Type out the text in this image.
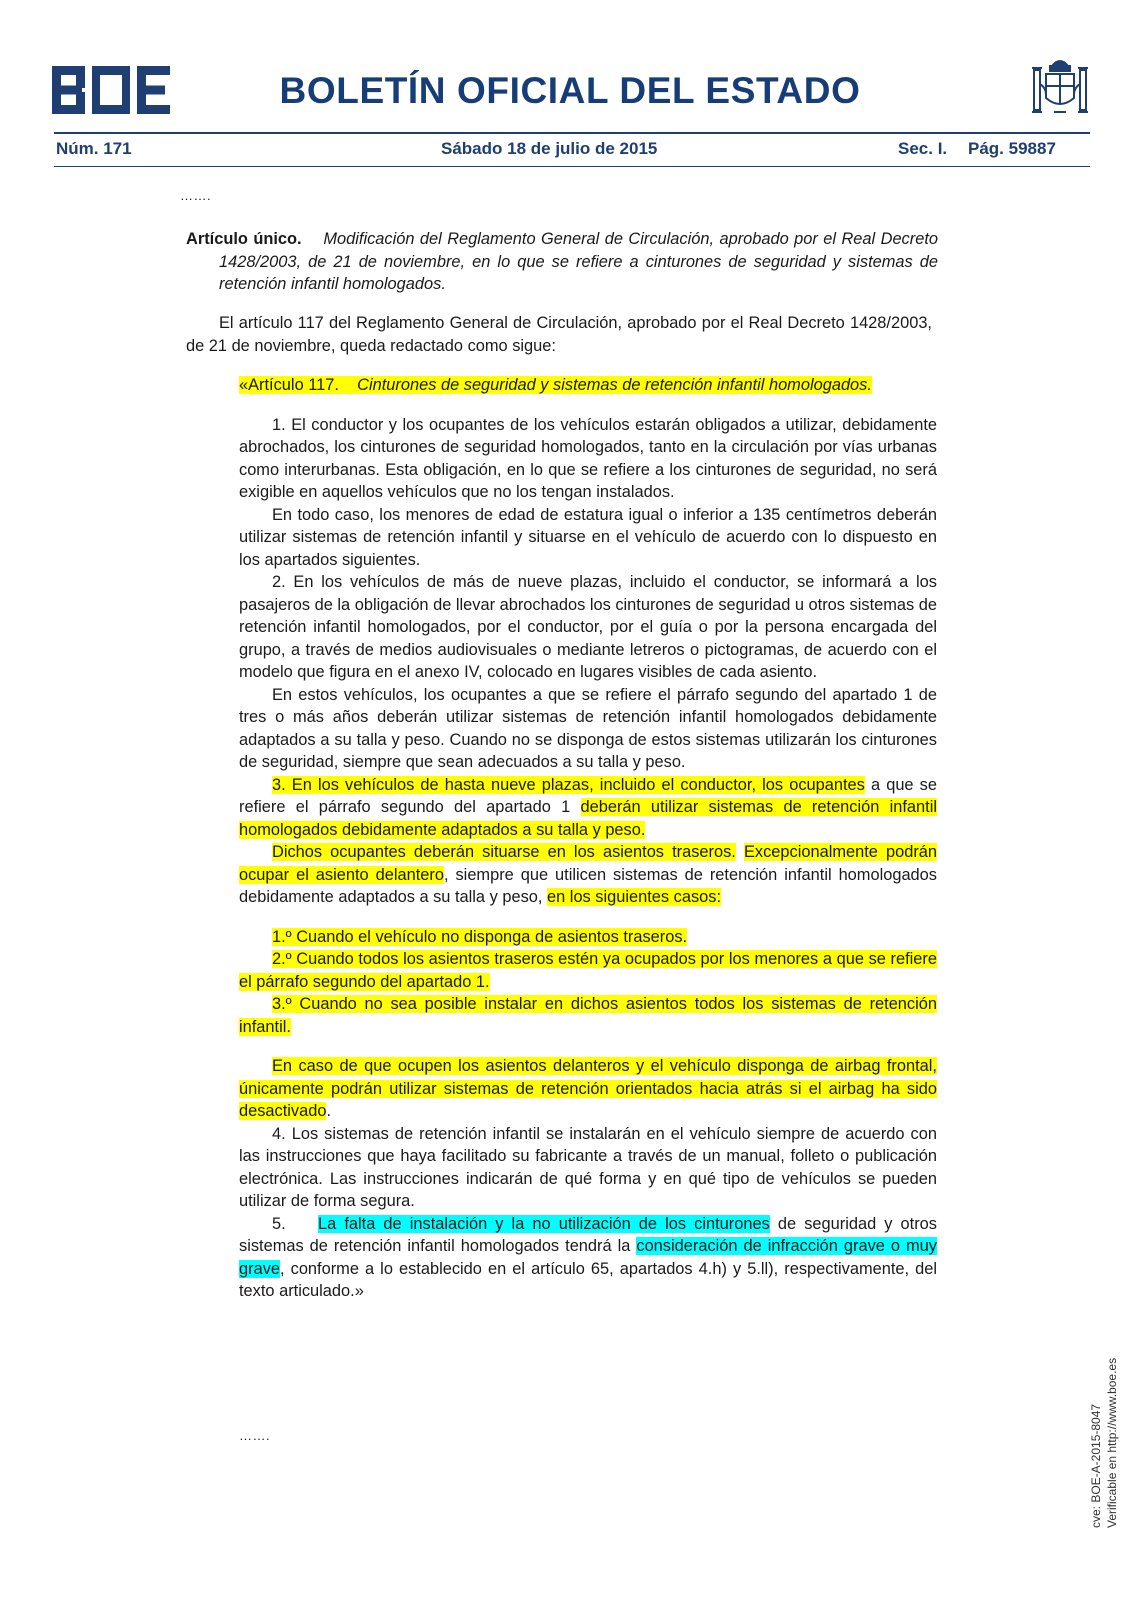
BOLETÍN OFICIAL DEL ESTADO
Núm. 171	Sábado 18 de julio de 2015	Sec. I. Pág. 59887
…….

Artículo único. Modificación del Reglamento General de Circulación, aprobado por el Real Decreto 1428/2003, de 21 de noviembre, en lo que se refiere a cinturones de seguridad y sistemas de retención infantil homologados.

El artículo 117 del Reglamento General de Circulación, aprobado por el Real Decreto 1428/2003, de 21 de noviembre, queda redactado como sigue:

«Artículo 117. Cinturones de seguridad y sistemas de retención infantil homologados.

1. El conductor y los ocupantes de los vehículos estarán obligados a utilizar, debidamente abrochados, los cinturones de seguridad homologados, tanto en la circulación por vías urbanas como interurbanas. Esta obligación, en lo que se refiere a los cinturones de seguridad, no será exigible en aquellos vehículos que no los tengan instalados.

En todo caso, los menores de edad de estatura igual o inferior a 135 centímetros deberán utilizar sistemas de retención infantil y situarse en el vehículo de acuerdo con lo dispuesto en los apartados siguientes.

2. En los vehículos de más de nueve plazas, incluido el conductor, se informará a los pasajeros de la obligación de llevar abrochados los cinturones de seguridad u otros sistemas de retención infantil homologados, por el conductor, por el guía o por la persona encargada del grupo, a través de medios audiovisuales o mediante letreros o pictogramas, de acuerdo con el modelo que figura en el anexo IV, colocado en lugares visibles de cada asiento.

En estos vehículos, los ocupantes a que se refiere el párrafo segundo del apartado 1 de tres o más años deberán utilizar sistemas de retención infantil homologados debidamente adaptados a su talla y peso. Cuando no se disponga de estos sistemas utilizarán los cinturones de seguridad, siempre que sean adecuados a su talla y peso.

3. En los vehículos de hasta nueve plazas, incluido el conductor, los ocupantes a que se refiere el párrafo segundo del apartado 1 deberán utilizar sistemas de retención infantil homologados debidamente adaptados a su talla y peso.

Dichos ocupantes deberán situarse en los asientos traseros. Excepcionalmente podrán ocupar el asiento delantero, siempre que utilicen sistemas de retención infantil homologados debidamente adaptados a su talla y peso, en los siguientes casos:

1.º Cuando el vehículo no disponga de asientos traseros.

2.º Cuando todos los asientos traseros estén ya ocupados por los menores a que se refiere el párrafo segundo del apartado 1.

3.º Cuando no sea posible instalar en dichos asientos todos los sistemas de retención infantil.

En caso de que ocupen los asientos delanteros y el vehículo disponga de airbag frontal, únicamente podrán utilizar sistemas de retención orientados hacia atrás si el airbag ha sido desactivado.

4. Los sistemas de retención infantil se instalarán en el vehículo siempre de acuerdo con las instrucciones que haya facilitado su fabricante a través de un manual, folleto o publicación electrónica. Las instrucciones indicarán de qué forma y en qué tipo de vehículos se pueden utilizar de forma segura.

5.    La falta de instalación y la no utilización de los cinturones de seguridad y otros sistemas de retención infantil homologados tendrá la consideración de infracción grave o muy grave, conforme a lo establecido en el artículo 65, apartados 4.h) y 5.ll), respectivamente, del texto articulado.»

…….	cve: BOE-A-2015-8047 Verificable en http://www.boe.es
